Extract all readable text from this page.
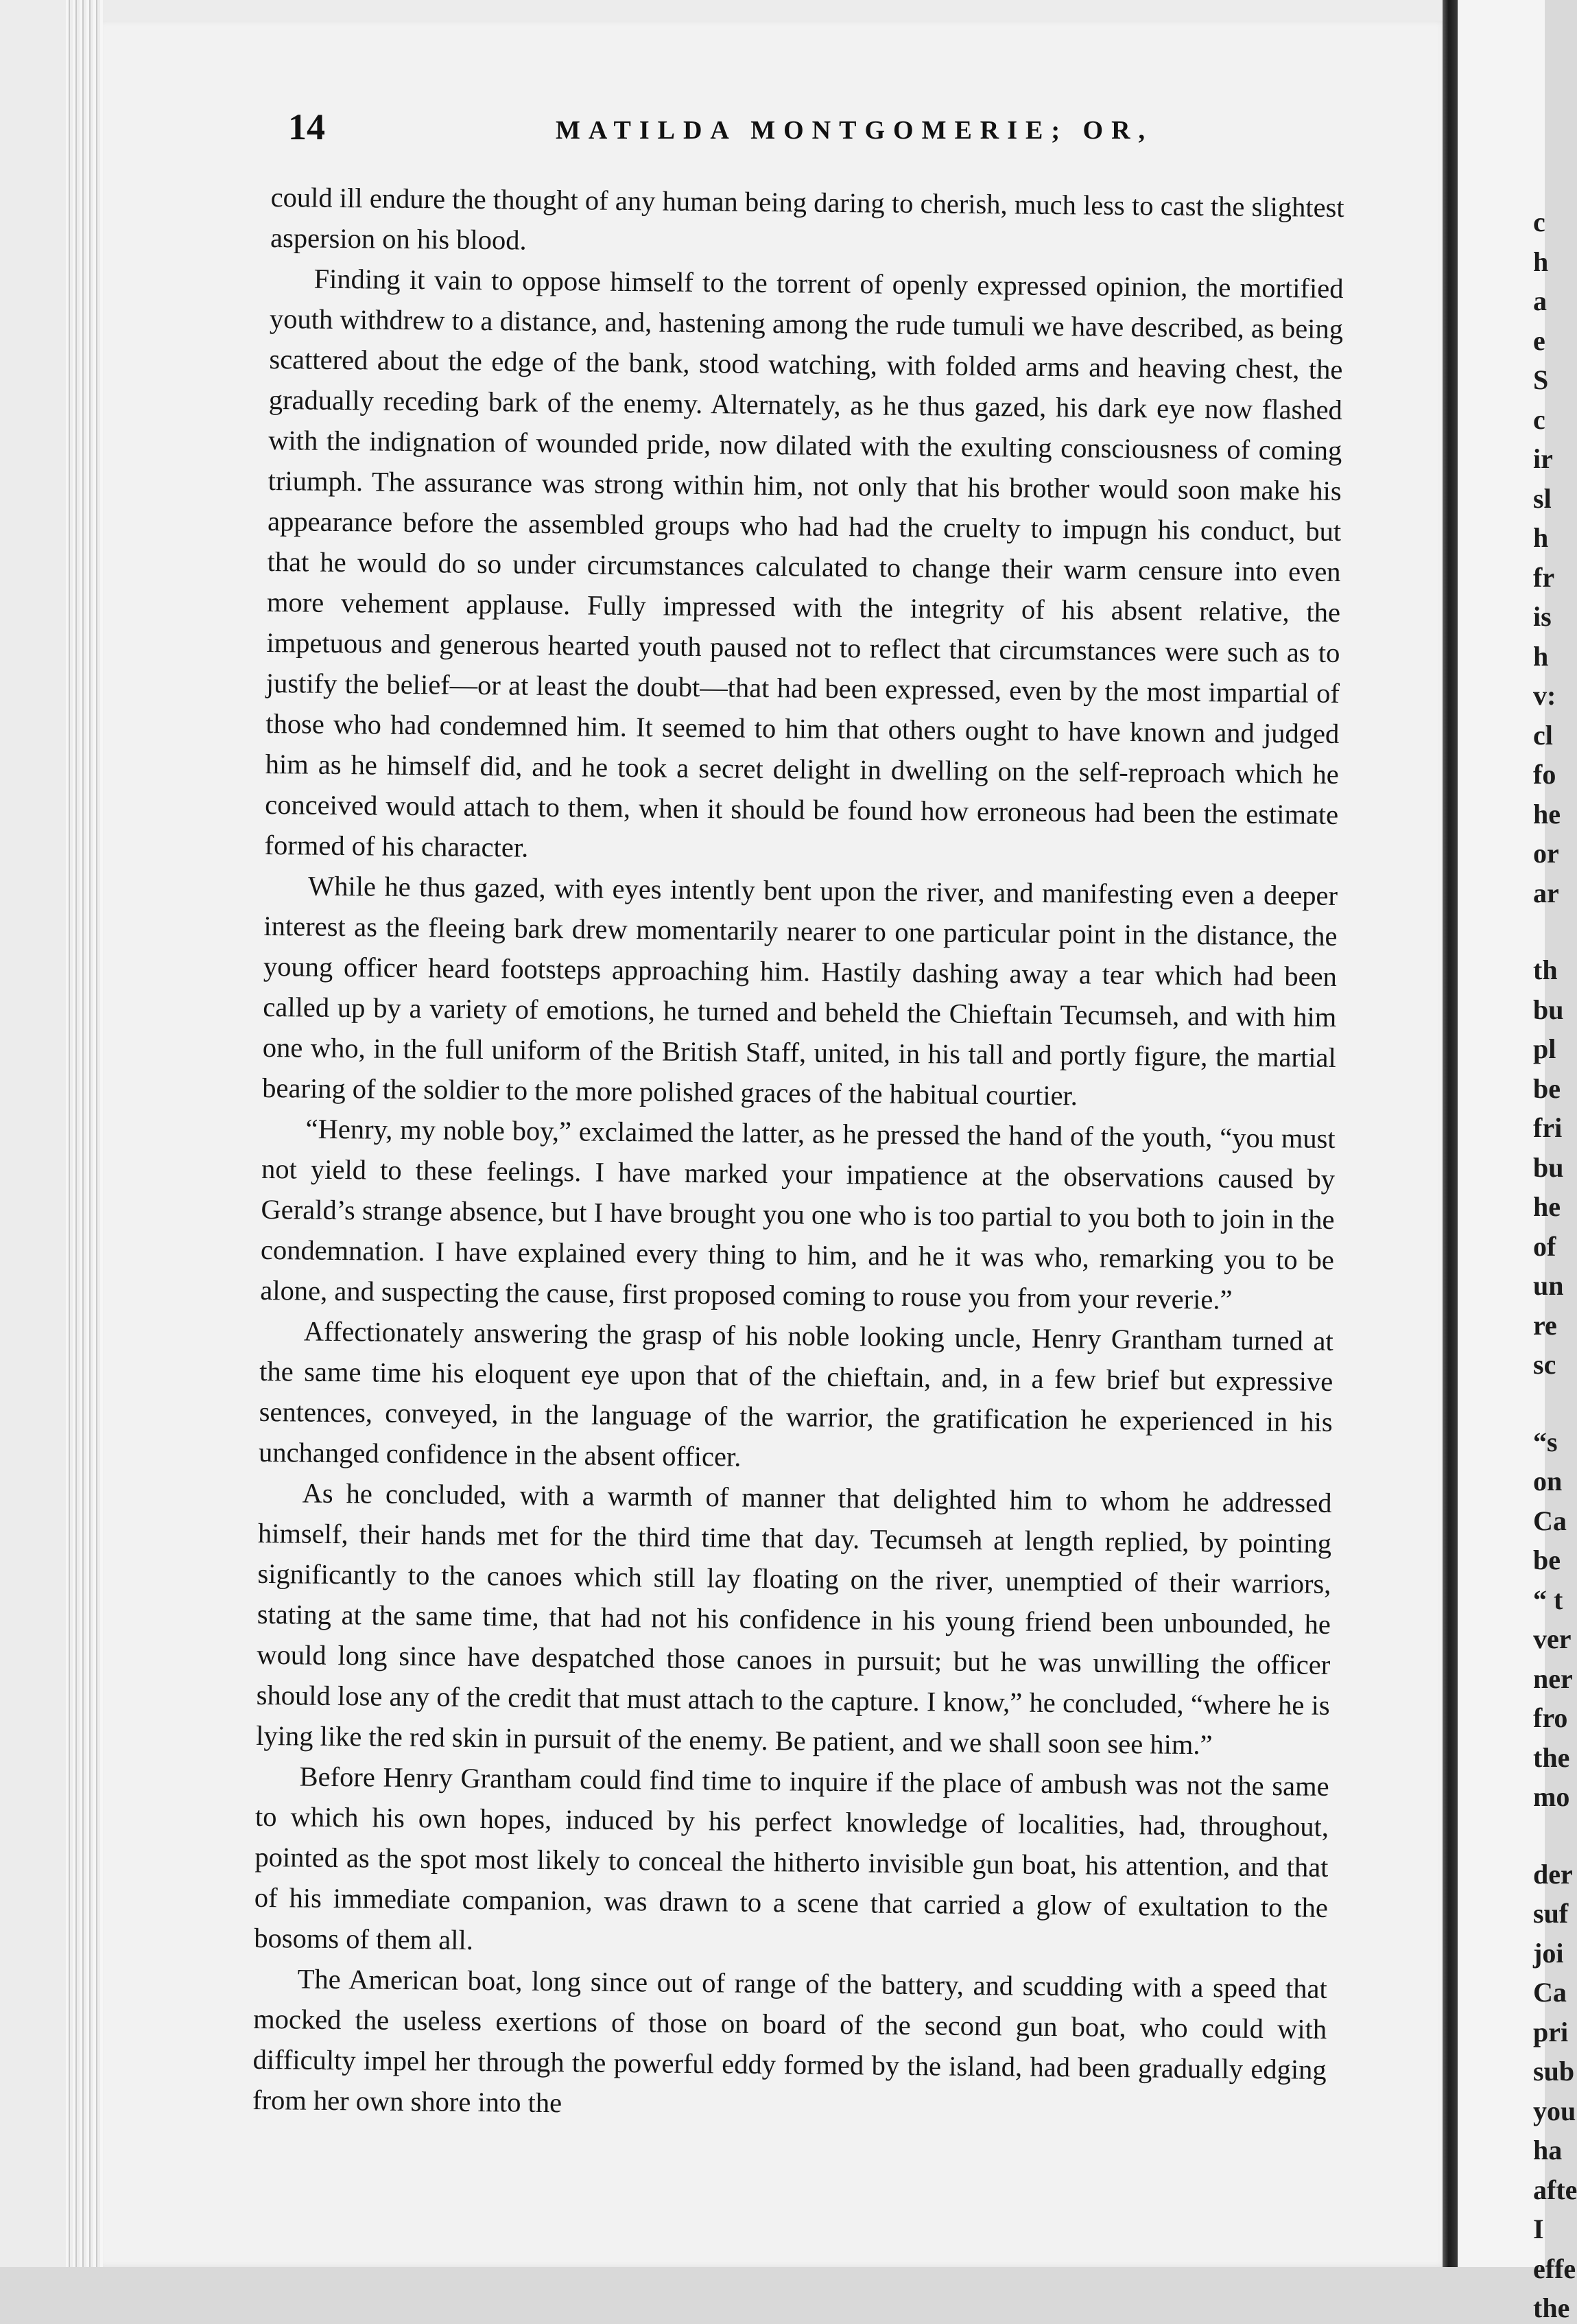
14	MATILDA MONTGOMERIE; OR,

could ill endure the thought of any human being daring to cherish, much less to cast the slightest aspersion on his blood.

Finding it vain to oppose himself to the torrent of openly expressed opinion, the mortified youth withdrew to a distance, and, hastening among the rude tumuli we have described, as being scattered about the edge of the bank, stood watching, with folded arms and heaving chest, the gradually receding bark of the enemy. Alternately, as he thus gazed, his dark eye now flashed with the indignation of wounded pride, now dilated with the exulting consciousness of coming triumph. The assurance was strong within him, not only that his brother would soon make his appearance before the assembled groups who had had the cruelty to impugn his conduct, but that he would do so under circumstances calculated to change their warm censure into even more vehement applause. Fully impressed with the integrity of his absent relative, the impetuous and generous hearted youth paused not to reflect that circumstances were such as to justify the belief—or at least the doubt—that had been expressed, even by the most impartial of those who had condemned him. It seemed to him that others ought to have known and judged him as he himself did, and he took a secret delight in dwelling on the self-reproach which he conceived would attach to them, when it should be found how erroneous had been the estimate formed of his character.

While he thus gazed, with eyes intently bent upon the river, and manifesting even a deeper interest as the fleeing bark drew momentarily nearer to one particular point in the distance, the young officer heard footsteps approaching him. Hastily dashing away a tear which had been called up by a variety of emotions, he turned and beheld the Chieftain Tecumseh, and with him one who, in the full uniform of the British Staff, united, in his tall and portly figure, the martial bearing of the soldier to the more polished graces of the habitual courtier.

“Henry, my noble boy,” exclaimed the latter, as he pressed the hand of the youth, “you must not yield to these feelings. I have marked your impatience at the observations caused by Gerald’s strange absence, but I have brought you one who is too partial to you both to join in the condemnation. I have explained every thing to him, and he it was who, remarking you to be alone, and suspecting the cause, first proposed coming to rouse you from your reverie.”

Affectionately answering the grasp of his noble looking uncle, Henry Grantham turned at the same time his eloquent eye upon that of the chieftain, and, in a few brief but expressive sentences, conveyed, in the language of the warrior, the gratification he experienced in his unchanged confidence in the absent officer.

As he concluded, with a warmth of manner that delighted him to whom he addressed himself, their hands met for the third time that day. Tecumseh at length replied, by pointing significantly to the canoes which still lay floating on the river, unemptied of their warriors, stating at the same time, that had not his confidence in his young friend been unbounded, he would long since have despatched those canoes in pursuit; but he was unwilling the officer should lose any of the credit that must attach to the capture. I know,” he concluded, “where he is lying like the red skin in pursuit of the enemy. Be patient, and we shall soon see him.”

Before Henry Grantham could find time to inquire if the place of ambush was not the same to which his own hopes, induced by his perfect knowledge of localities, had, throughout, pointed as the spot most likely to conceal the hitherto invisible gun boat, his attention, and that of his immediate companion, was drawn to a scene that carried a glow of exultation to the bosoms of them all.

The American boat, long since out of range of the battery, and scudding with a speed that mocked the useless exertions of those on board of the second gun boat, who could with difficulty impel her through the powerful eddy formed by the island, had been gradually edging from her own shore into the

c
h
a
e
S
c
ir
sl
h
fr
is
h
v:
cl
fo
he
or
ar
th
bu
pl
be
fri
bu
he
of
un
re
sc
“s
on
Ca
be
“ t
ver
ner
fro
the
mo
der
suf
joi
Ca
pri
sub
you
ha
afte
I
effe
the
